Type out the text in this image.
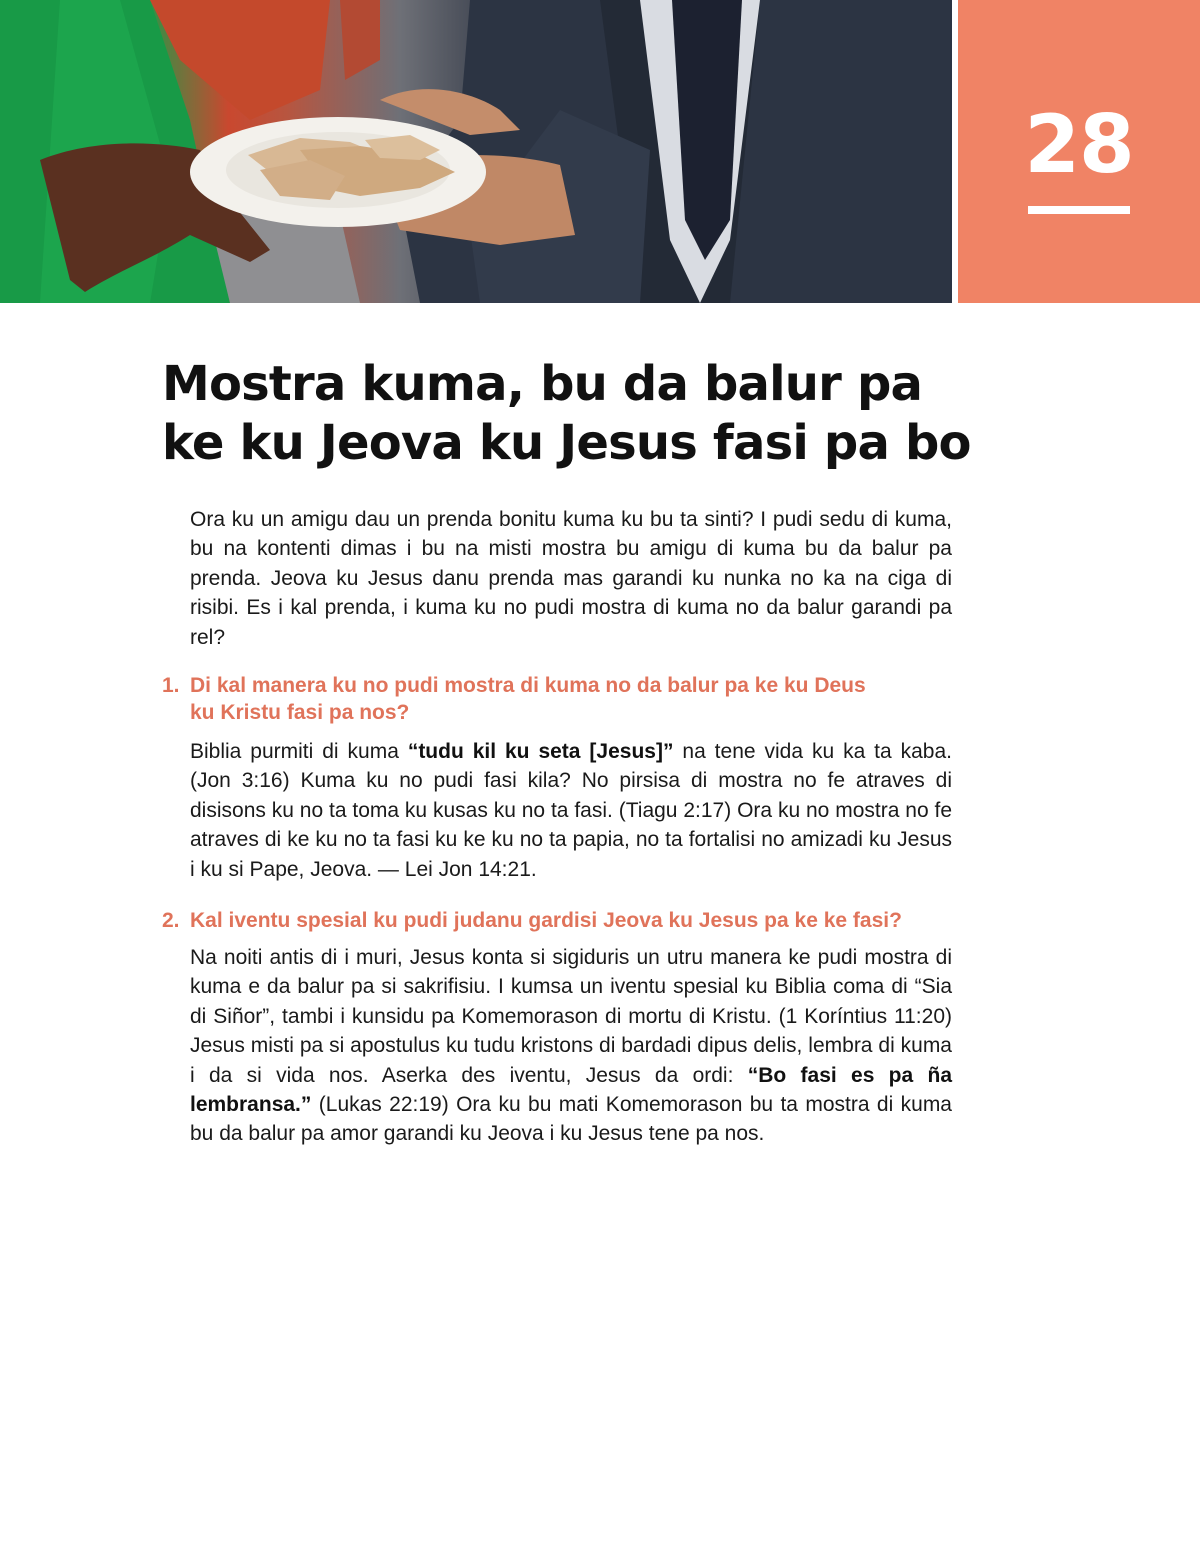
28
Mostra kuma, bu da balur pa
ke ku Jeova ku Jesus fasi pa bo

Ora ku un amigu dau un prenda bonitu kuma ku bu ta sinti? I pudi sedu di kuma, bu na kontenti dimas i bu na misti mostra bu amigu di kuma bu da balur pa prenda. Jeova ku Jesus danu prenda mas garandi ku nunka no ka na ciga di risibi. Es i kal prenda, i kuma ku no pudi mostra di kuma no da balur garandi pa rel?

1. Di kal manera ku no pudi mostra di kuma no da balur pa ke ku Deus
ku Kristu fasi pa nos?

Biblia purmiti di kuma “tudu kil ku seta [Jesus]” na tene vida ku ka ta kaba. (Jon 3:16) Kuma ku no pudi fasi kila? No pirsisa di mostra no fe atraves di disisons ku no ta toma ku kusas ku no ta fasi. (Tiagu 2:17) Ora ku no mostra no fe atraves di ke ku no ta fasi ku ke ku no ta papia, no ta fortalisi no amizadi ku Jesus i ku si Pape, Jeova. — Lei Jon 14:21.

2. Kal iventu spesial ku pudi judanu gardisi Jeova ku Jesus pa ke ke fasi?

Na noiti antis di i muri, Jesus konta si sigiduris un utru manera ke pudi mostra di kuma e da balur pa si sakrifisiu. I kumsa un iventu spesial ku Biblia coma di “Sia di Siñor”, tambi i kunsidu pa Komemorason di mortu di Kristu. (1 Koríntius 11:20) Jesus misti pa si apostulus ku tudu kristons di bardadi dipus delis, lembra di kuma i da si vida nos. Aserka des iventu, Jesus da ordi: “Bo fasi es pa ña lembransa.” (Lukas 22:19) Ora ku bu mati Komemorason bu ta mostra di kuma bu da balur pa amor garandi ku Jeova i ku Jesus tene pa nos.
